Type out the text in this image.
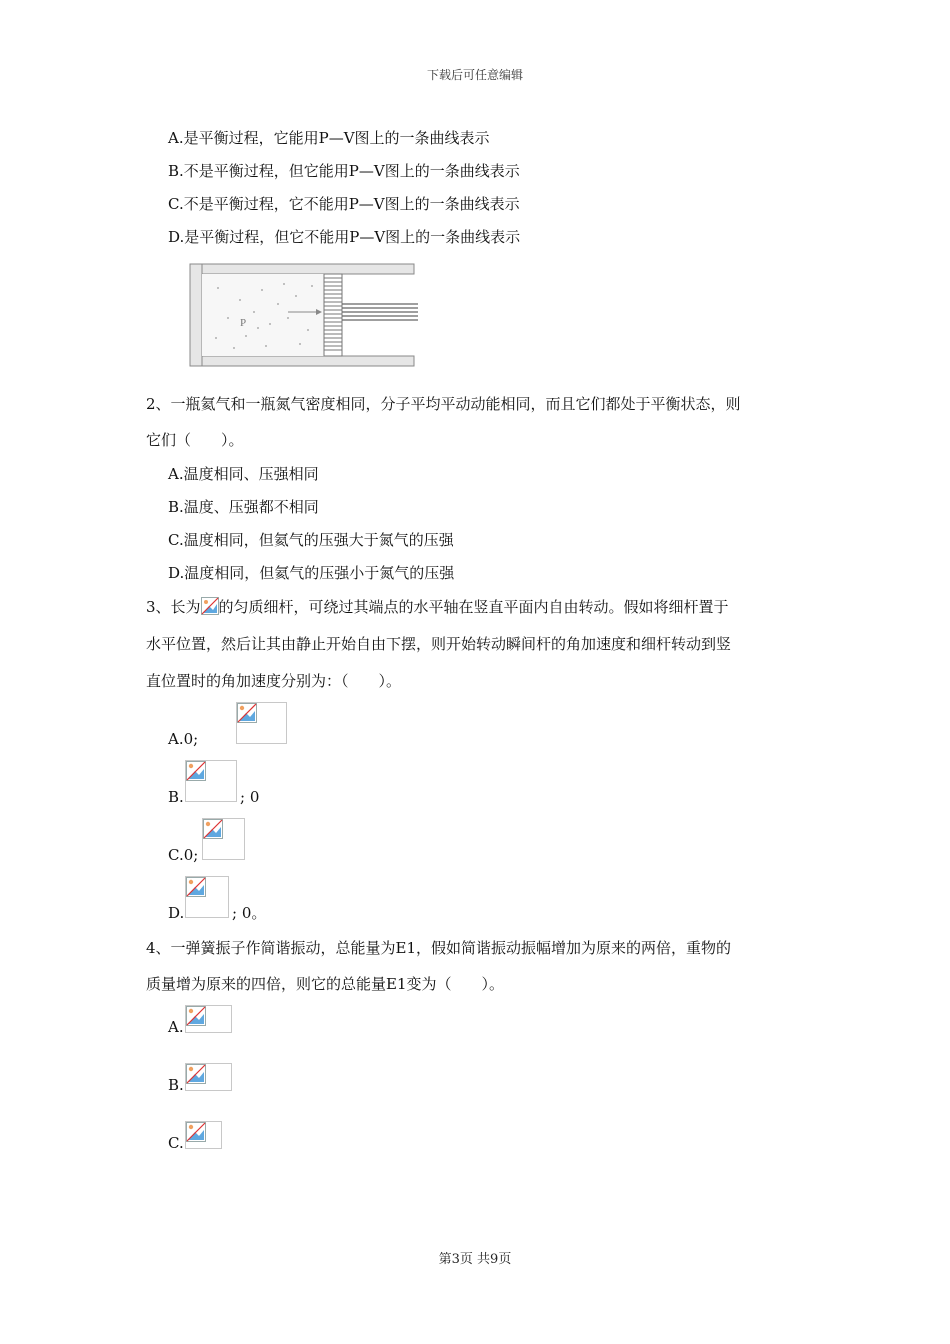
下载后可任意编辑
A.是平衡过程，它能用P—V图上的一条曲线表示
B.不是平衡过程，但它能用P—V图上的一条曲线表示
C.不是平衡过程，它不能用P—V图上的一条曲线表示
D.是平衡过程，但它不能用P—V图上的一条曲线表示
P
2、一瓶氦气和一瓶氮气密度相同，分子平均平动动能相同，而且它们都处于平衡状态，则
它们（　　）。
A.温度相同、压强相同
B.温度、压强都不相同
C.温度相同，但氦气的压强大于氮气的压强
D.温度相同，但氦气的压强小于氮气的压强
3、长为 的匀质细杆，可绕过其端点的水平轴在竖直平面内自由转动。假如将细杆置于
水平位置，然后让其由静止开始自由下摆，则开始转动瞬间杆的角加速度和细杆转动到竖
直位置时的角加速度分别为：（　　）。
A.0;
B.	; 0
C.0;
D.	; 0。
4、一弹簧振子作简谐振动，总能量为E1，假如简谐振动振幅增加为原来的两倍，重物的
质量增为原来的四倍，则它的总能量E1变为（　　）。
A.
B.
C.
第3页 共9页
